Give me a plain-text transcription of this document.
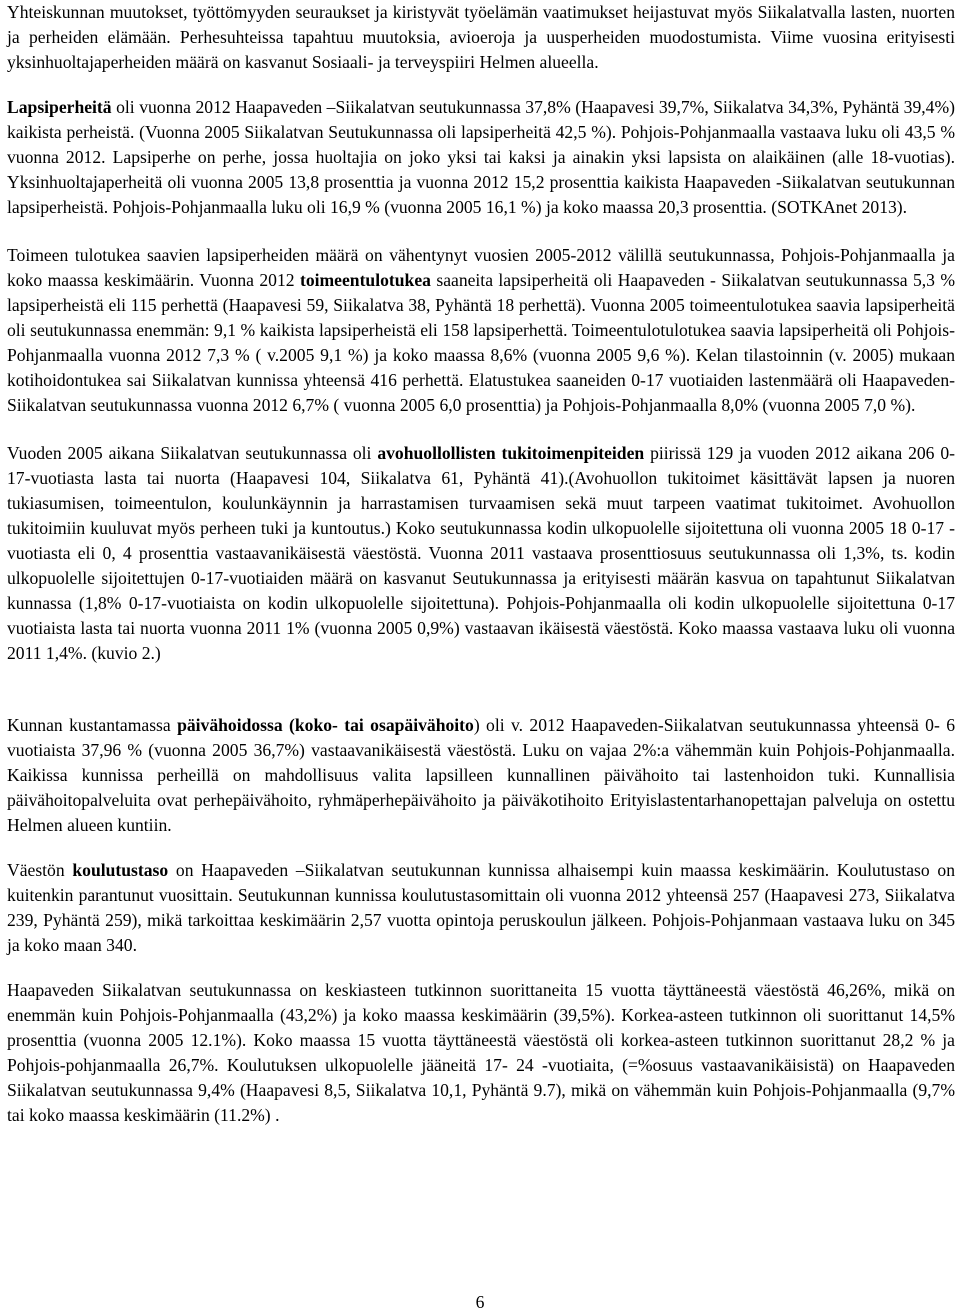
Yhteiskunnan muutokset, työttömyyden seuraukset ja kiristyvät työelämän vaatimukset heijastuvat myös Siikalatvalla lasten, nuorten ja perheiden elämään. Perhesuhteissa tapahtuu muutoksia, avioeroja ja uusperheiden muodostumista. Viime vuosina erityisesti yksinhuoltajaperheiden määrä on kasvanut Sosiaali- ja terveyspiiri Helmen alueella.

Lapsiperheitä oli vuonna 2012 Haapaveden –Siikalatvan seutukunnassa 37,8% (Haapavesi 39,7%, Siikalatva 34,3%, Pyhäntä 39,4%) kaikista perheistä. (Vuonna 2005 Siikalatvan Seutukunnassa oli lapsiperheitä 42,5 %). Pohjois-Pohjanmaalla vastaava luku oli 43,5 % vuonna 2012. Lapsiperhe on perhe, jossa huoltajia on joko yksi tai kaksi ja ainakin yksi lapsista on alaikäinen (alle 18-vuotias). Yksinhuoltajaperheitä oli vuonna 2005 13,8 prosenttia ja vuonna 2012 15,2 prosenttia kaikista Haapaveden -Siikalatvan seutukunnan lapsiperheistä. Pohjois-Pohjanmaalla luku oli 16,9 % (vuonna 2005 16,1 %) ja koko maassa 20,3 prosenttia. (SOTKAnet 2013).

Toimeen tulotukea saavien lapsiperheiden määrä on vähentynyt vuosien 2005-2012 välillä seutukunnassa, Pohjois-Pohjanmaalla ja koko maassa keskimäärin. Vuonna 2012 toimeentulotukea saaneita lapsiperheitä oli Haapaveden - Siikalatvan seutukunnassa 5,3 % lapsiperheistä eli 115 perhettä (Haapavesi 59, Siikalatva 38, Pyhäntä 18 perhettä). Vuonna 2005 toimeentulotukea saavia lapsiperheitä oli seutukunnassa enemmän: 9,1 % kaikista lapsiperheistä eli 158 lapsiperhettä. Toimeentulotulotukea saavia lapsiperheitä oli Pohjois-Pohjanmaalla vuonna 2012 7,3 % ( v.2005 9,1 %) ja koko maassa 8,6% (vuonna 2005 9,6 %). Kelan tilastoinnin (v. 2005) mukaan kotihoidontukea sai Siikalatvan kunnissa yhteensä 416 perhettä. Elatustukea saaneiden 0-17 vuotiaiden lastenmäärä oli Haapaveden-Siikalatvan seutukunnassa vuonna 2012 6,7% ( vuonna 2005 6,0 prosenttia) ja Pohjois-Pohjanmaalla 8,0% (vuonna 2005 7,0 %).

Vuoden 2005 aikana Siikalatvan seutukunnassa oli avohuollollisten tukitoimenpiteiden piirissä 129 ja vuoden 2012 aikana 206 0-17-vuotiasta lasta tai nuorta (Haapavesi 104, Siikalatva 61, Pyhäntä 41).(Avohuollon tukitoimet käsittävät lapsen ja nuoren tukiasumisen, toimeentulon, koulunkäynnin ja harrastamisen turvaamisen sekä muut tarpeen vaatimat tukitoimet. Avohuollon tukitoimiin kuuluvat myös perheen tuki ja kuntoutus.) Koko seutukunnassa kodin ulkopuolelle sijoitettuna oli vuonna 2005 18 0-17 -vuotiasta eli 0, 4 prosenttia vastaavanikäisestä väestöstä. Vuonna 2011 vastaava prosenttiosuus seutukunnassa oli 1,3%, ts. kodin ulkopuolelle sijoitettujen 0-17-vuotiaiden määrä on kasvanut Seutukunnassa ja erityisesti määrän kasvua on tapahtunut Siikalatvan kunnassa (1,8% 0-17-vuotiaista on kodin ulkopuolelle sijoitettuna). Pohjois-Pohjanmaalla oli kodin ulkopuolelle sijoitettuna 0-17 vuotiaista lasta tai nuorta vuonna 2011 1% (vuonna 2005 0,9%) vastaavan ikäisestä väestöstä. Koko maassa vastaava luku oli vuonna 2011 1,4%. (kuvio 2.)

Kunnan kustantamassa päivähoidossa (koko- tai osapäivähoito) oli v. 2012 Haapaveden-Siikalatvan seutukunnassa yhteensä 0- 6 vuotiaista 37,96 % (vuonna 2005 36,7%) vastaavanikäisestä väestöstä. Luku on vajaa 2%:a vähemmän kuin Pohjois-Pohjanmaalla. Kaikissa kunnissa perheillä on mahdollisuus valita lapsilleen kunnallinen päivähoito tai lastenhoidon tuki. Kunnallisia päivähoitopalveluita ovat perhepäivähoito, ryhmäperhepäivähoito ja päiväkotihoito Erityislastentarhanopettajan palveluja on ostettu Helmen alueen kuntiin.

Väestön koulutustaso on Haapaveden –Siikalatvan seutukunnan kunnissa alhaisempi kuin maassa keskimäärin. Koulutustaso on kuitenkin parantunut vuosittain. Seutukunnan kunnissa koulutustasomittain oli vuonna 2012 yhteensä 257 (Haapavesi 273, Siikalatva 239, Pyhäntä 259), mikä tarkoittaa keskimäärin 2,57 vuotta opintoja peruskoulun jälkeen. Pohjois-Pohjanmaan vastaava luku on 345 ja koko maan 340.

Haapaveden Siikalatvan seutukunnassa on keskiasteen tutkinnon suorittaneita 15 vuotta täyttäneestä väestöstä 46,26%, mikä on enemmän kuin Pohjois-Pohjanmaalla (43,2%) ja koko maassa keskimäärin (39,5%). Korkea-asteen tutkinnon oli suorittanut 14,5% prosenttia (vuonna 2005 12.1%). Koko maassa 15 vuotta täyttäneestä väestöstä oli korkea-asteen tutkinnon suorittanut 28,2 % ja Pohjois-pohjanmaalla 26,7%. Koulutuksen ulkopuolelle jääneitä 17- 24 -vuotiaita, (=%osuus vastaavanikäisistä) on Haapaveden Siikalatvan seutukunnassa 9,4% (Haapavesi 8,5, Siikalatva 10,1, Pyhäntä 9.7), mikä on vähemmän kuin Pohjois-Pohjanmaalla (9,7% tai koko maassa keskimäärin (11.2%) .

6
